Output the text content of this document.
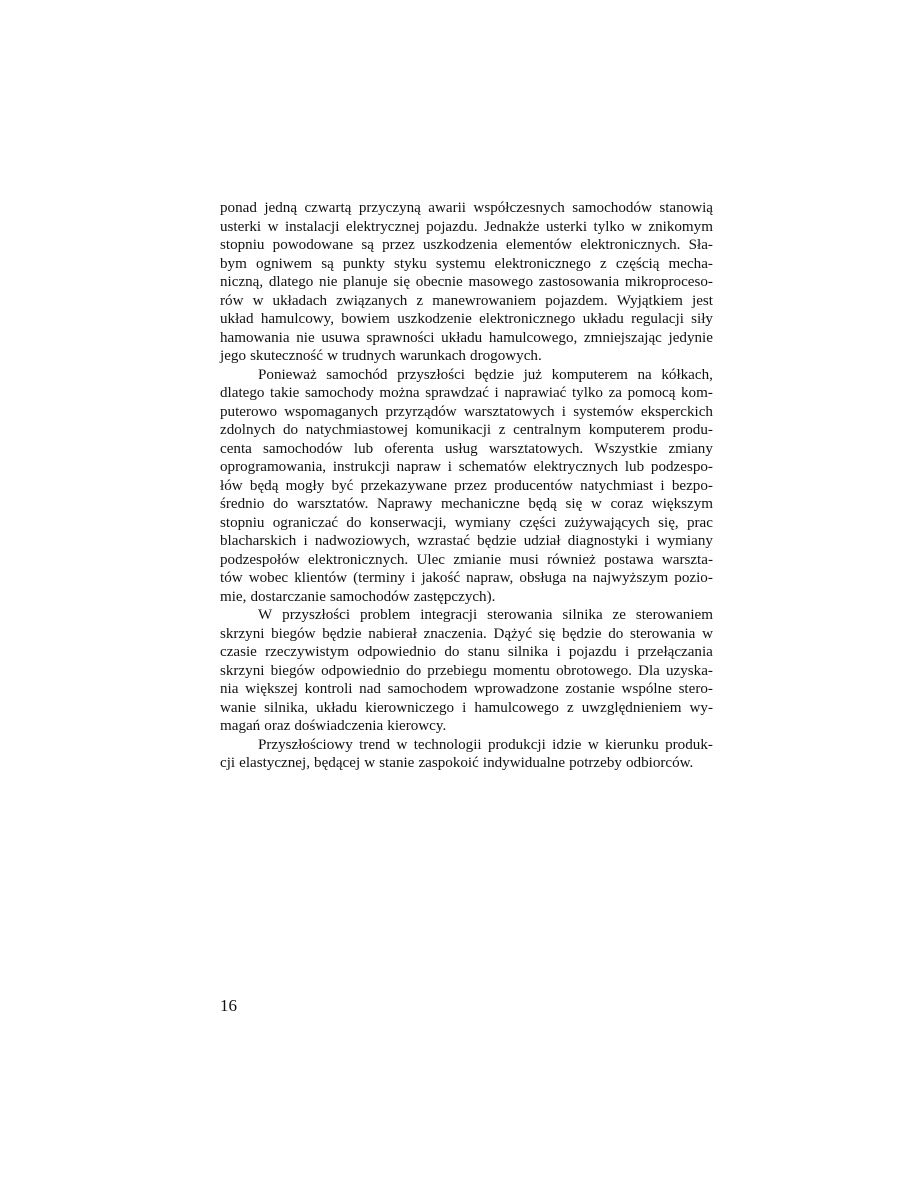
ponad jedną czwartą przyczyną awarii współczesnych samochodów stanowią
usterki w instalacji elektrycznej pojazdu. Jednakże usterki tylko w znikomym
stopniu powodowane są przez uszkodzenia elementów elektronicznych. Sła-
bym ogniwem są punkty styku systemu elektronicznego z częścią mecha-
niczną, dlatego nie planuje się obecnie masowego zastosowania mikroproceso-
rów w układach związanych z manewrowaniem pojazdem. Wyjątkiem jest
układ hamulcowy, bowiem uszkodzenie elektronicznego układu regulacji siły
hamowania nie usuwa sprawności układu hamulcowego, zmniejszając jedynie
jego skuteczność w trudnych warunkach drogowych.
Ponieważ samochód przyszłości będzie już komputerem na kółkach,
dlatego takie samochody można sprawdzać i naprawiać tylko za pomocą kom-
puterowo wspomaganych przyrządów warsztatowych i systemów eksperckich
zdolnych do natychmiastowej komunikacji z centralnym komputerem produ-
centa samochodów lub oferenta usług warsztatowych. Wszystkie zmiany
oprogramowania, instrukcji napraw i schematów elektrycznych lub podzespo-
łów będą mogły być przekazywane przez producentów natychmiast i bezpo-
średnio do warsztatów. Naprawy mechaniczne będą się w coraz większym
stopniu ograniczać do konserwacji, wymiany części zużywających się, prac
blacharskich i nadwoziowych, wzrastać będzie udział diagnostyki i wymiany
podzespołów elektronicznych. Ulec zmianie musi również postawa warszta-
tów wobec klientów (terminy i jakość napraw, obsługa na najwyższym pozio-
mie, dostarczanie samochodów zastępczych).
W przyszłości problem integracji sterowania silnika ze sterowaniem
skrzyni biegów będzie nabierał znaczenia. Dążyć się będzie do sterowania w
czasie rzeczywistym odpowiednio do stanu silnika i pojazdu i przełączania
skrzyni biegów odpowiednio do przebiegu momentu obrotowego. Dla uzyska-
nia większej kontroli nad samochodem wprowadzone zostanie wspólne stero-
wanie silnika, układu kierowniczego i hamulcowego z uwzględnieniem wy-
magań oraz doświadczenia kierowcy.
Przyszłościowy trend w technologii produkcji idzie w kierunku produk-
cji elastycznej, będącej w stanie zaspokoić indywidualne potrzeby odbiorców.
16
